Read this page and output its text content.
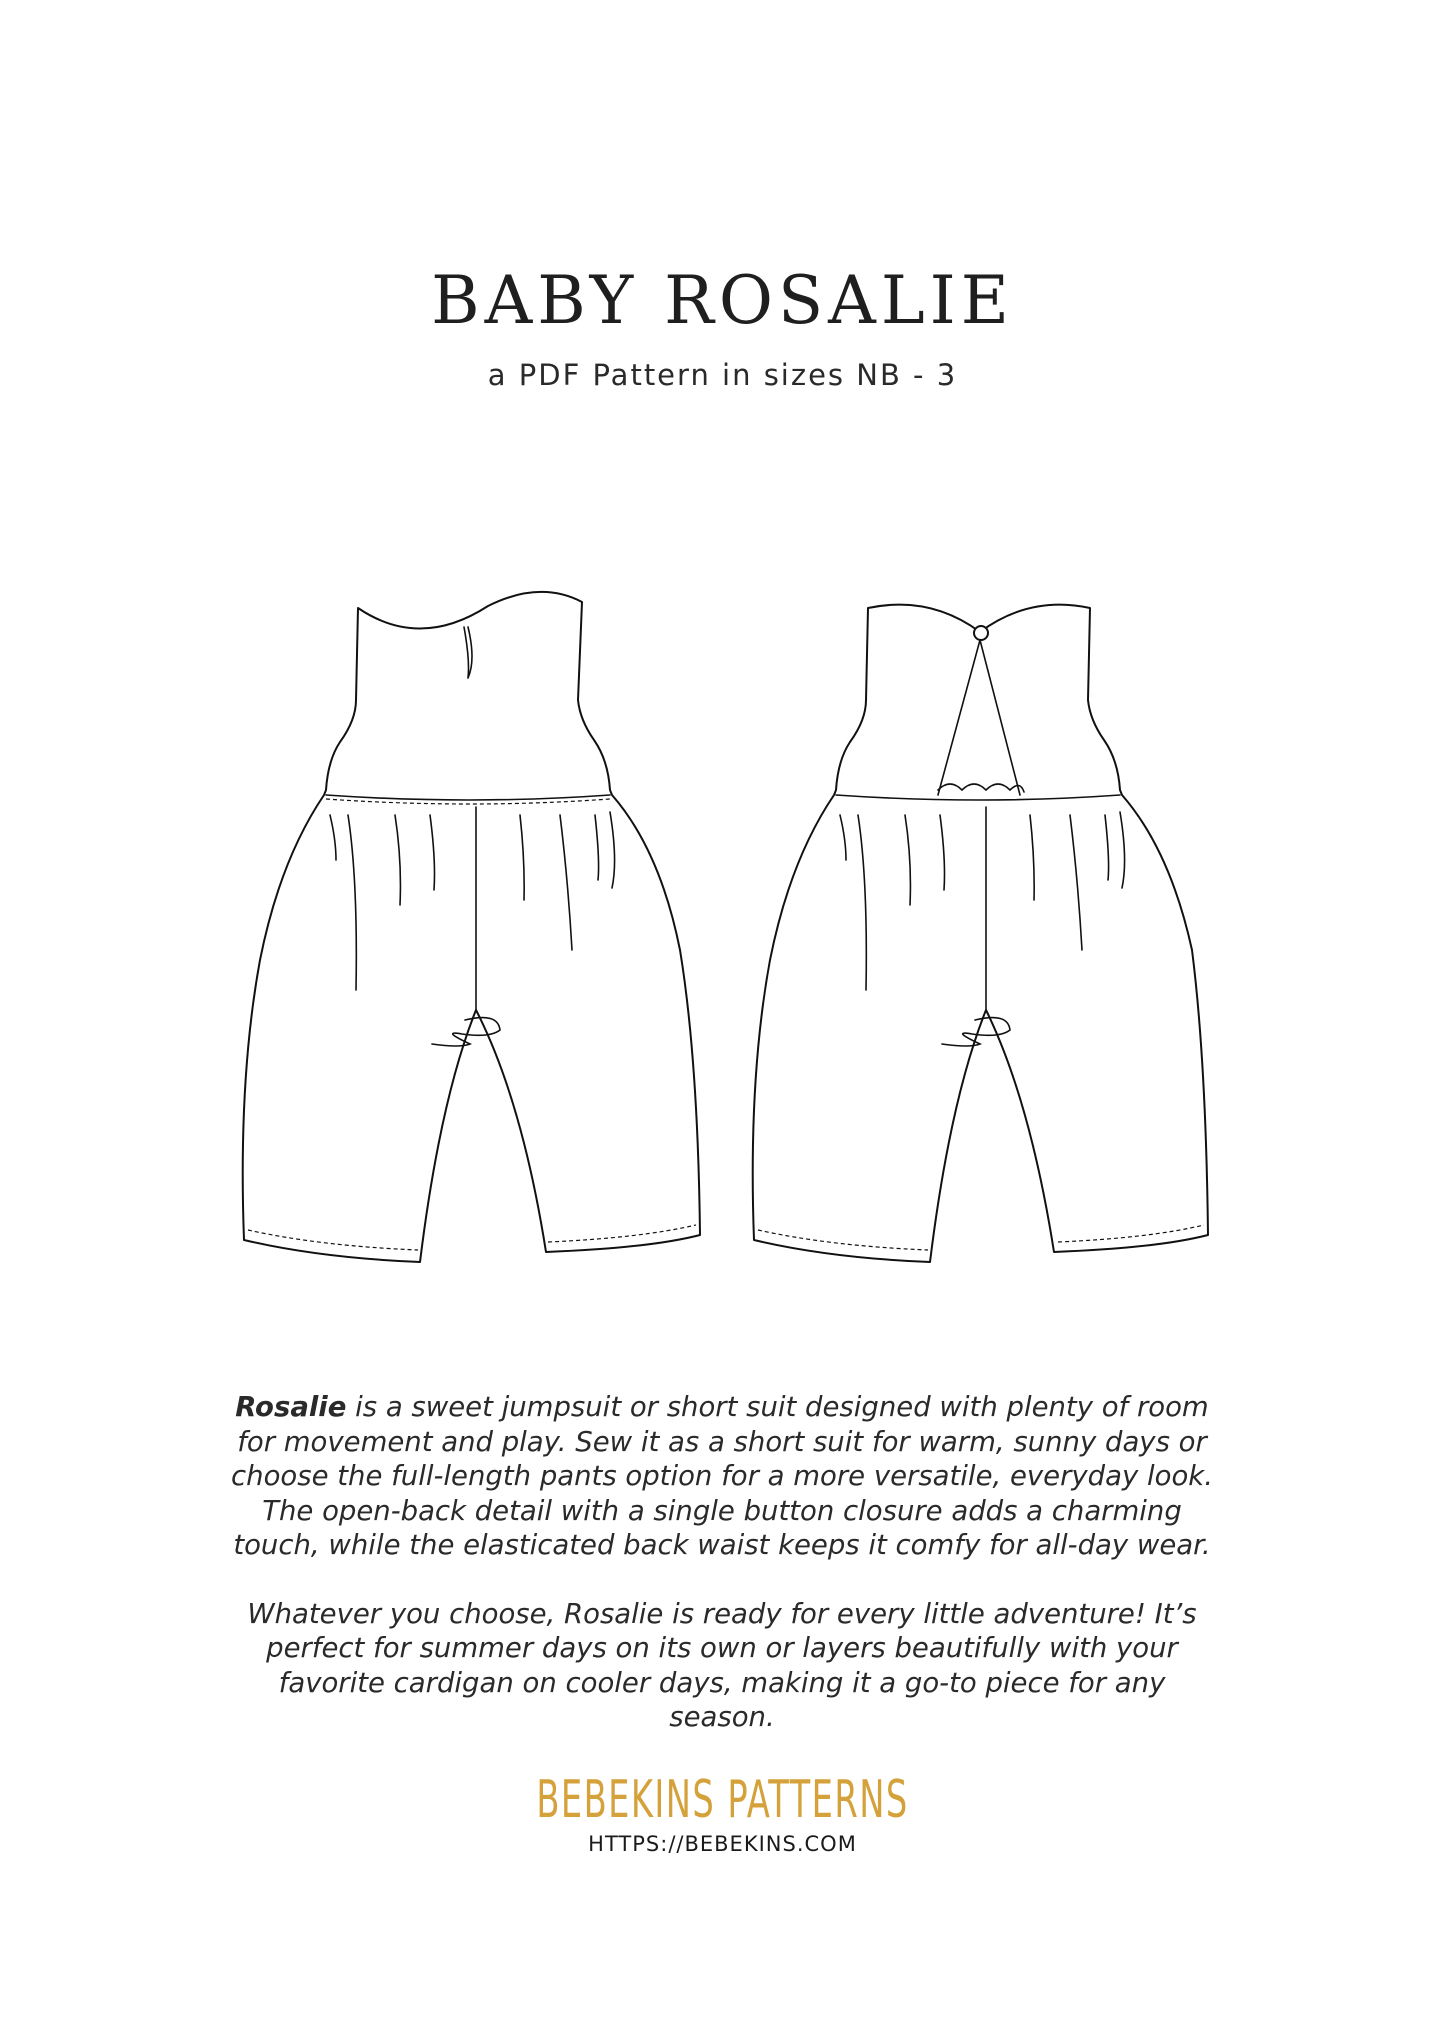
BABY ROSALIE
a PDF Pattern in sizes NB - 3

Rosalie is a sweet jumpsuit or short suit designed with plenty of room for movement and play. Sew it as a short suit for warm, sunny days or choose the full-length pants option for a more versatile, everyday look. The open-back detail with a single button closure adds a charming touch, while the elasticated back waist keeps it comfy for all-day wear.

Whatever you choose, Rosalie is ready for every little adventure! It’s perfect for summer days on its own or layers beautifully with your favorite cardigan on cooler days, making it a go-to piece for any season.

BEBEKINS PATTERNS
HTTPS://BEBEKINS.COM
